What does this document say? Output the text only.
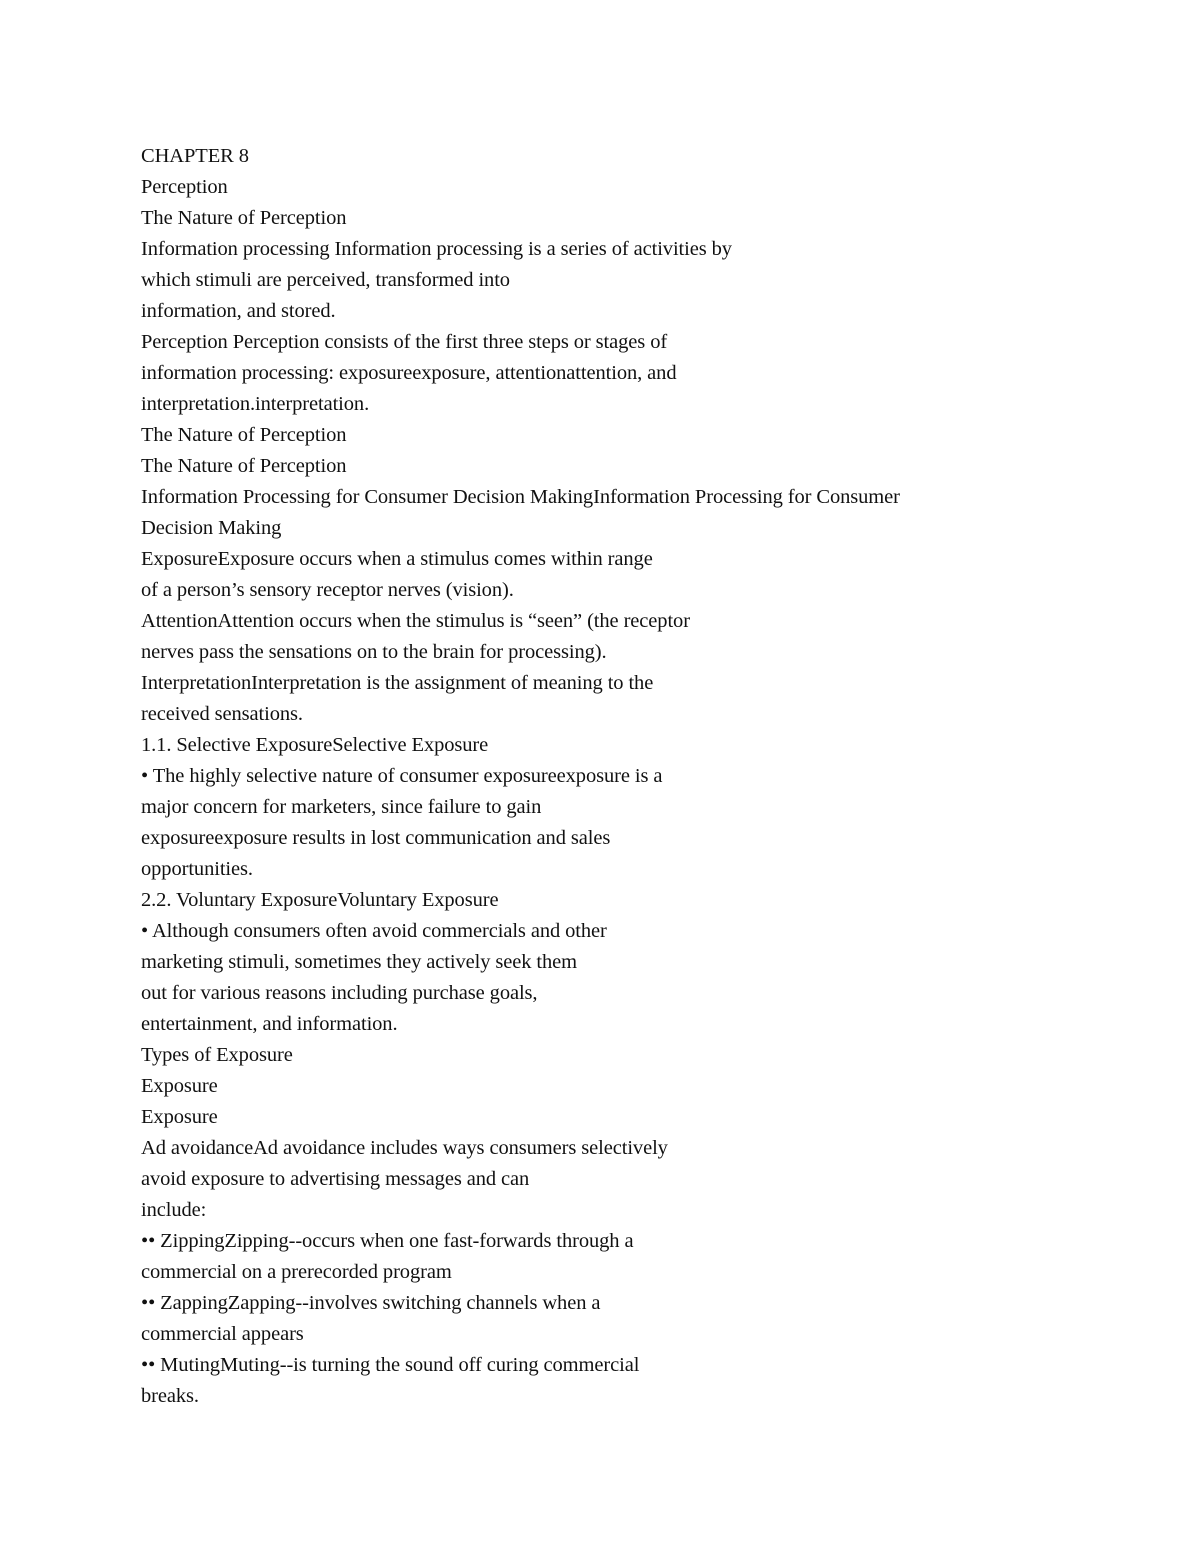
CHAPTER 8
Perception
The Nature of Perception
Information processing Information processing is a series of activities by
which stimuli are perceived, transformed into
information, and stored.
Perception Perception consists of the first three steps or stages of
information processing: exposureexposure, attentionattention, and
interpretation.interpretation.
The Nature of Perception
The Nature of Perception
Information Processing for Consumer Decision MakingInformation Processing for Consumer
Decision Making
ExposureExposure occurs when a stimulus comes within range
of a person’s sensory receptor nerves (vision).
AttentionAttention occurs when the stimulus is “seen” (the receptor
nerves pass the sensations on to the brain for processing).
InterpretationInterpretation is the assignment of meaning to the
received sensations.
1.1. Selective ExposureSelective Exposure
• The highly selective nature of consumer exposureexposure is a
major concern for marketers, since failure to gain
exposureexposure results in lost communication and sales
opportunities.
2.2. Voluntary ExposureVoluntary Exposure
• Although consumers often avoid commercials and other
marketing stimuli, sometimes they actively seek them
out for various reasons including purchase goals,
entertainment, and information.
Types of Exposure
Exposure
Exposure
Ad avoidanceAd avoidance includes ways consumers selectively
avoid exposure to advertising messages and can
include:
•• ZippingZipping--occurs when one fast-forwards through a
commercial on a prerecorded program
•• ZappingZapping--involves switching channels when a
commercial appears
•• MutingMuting--is turning the sound off curing commercial
breaks.
